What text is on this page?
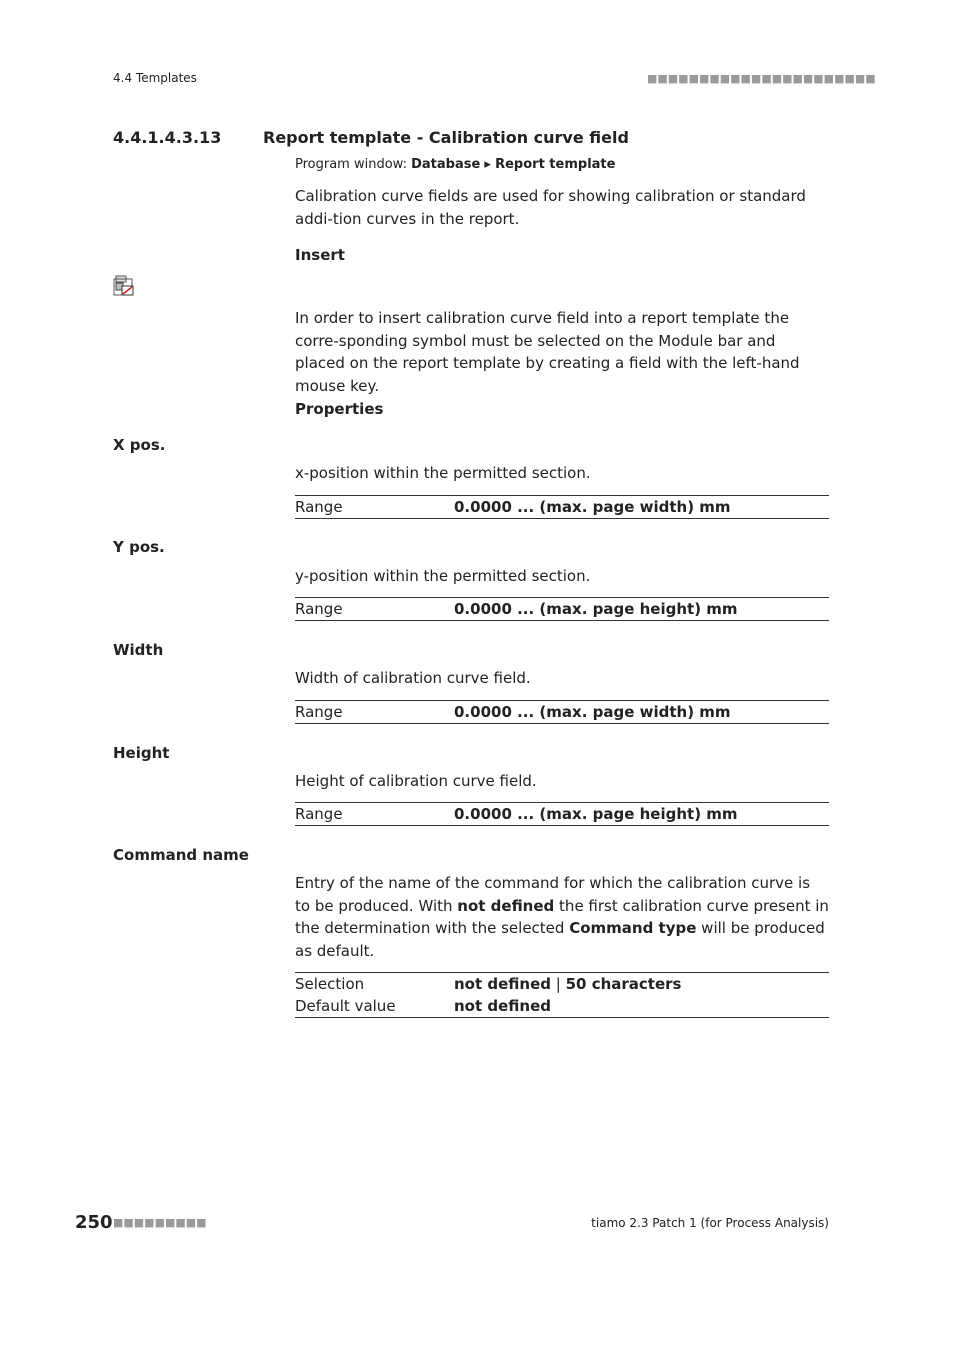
4.4 Templates	■■■■■■■■■■■■■■■■■■■■■■
4.4.1.4.3.13	Report template - Calibration curve field
Program window: Database ▸ Report template
Calibration curve fields are used for showing calibration or standard addi-tion curves in the report.
Insert
In order to insert calibration curve field into a report template the corre-sponding symbol must be selected on the Module bar and placed on the report template by creating a field with the left-hand mouse key.
Properties
X pos.
x-position within the permitted section.
Range	0.0000 ... (max. page width) mm
Y pos.
y-position within the permitted section.
Range	0.0000 ... (max. page height) mm
Width
Width of calibration curve field.
Range	0.0000 ... (max. page width) mm
Height
Height of calibration curve field.
Range	0.0000 ... (max. page height) mm
Command name
Entry of the name of the command for which the calibration curve is to be produced. With not defined the first calibration curve present in the determination with the selected Command type will be produced as default.
Selection	not defined | 50 characters
Default value	not defined
250 ■■■■■■■■■	tiamo 2.3 Patch 1 (for Process Analysis)
